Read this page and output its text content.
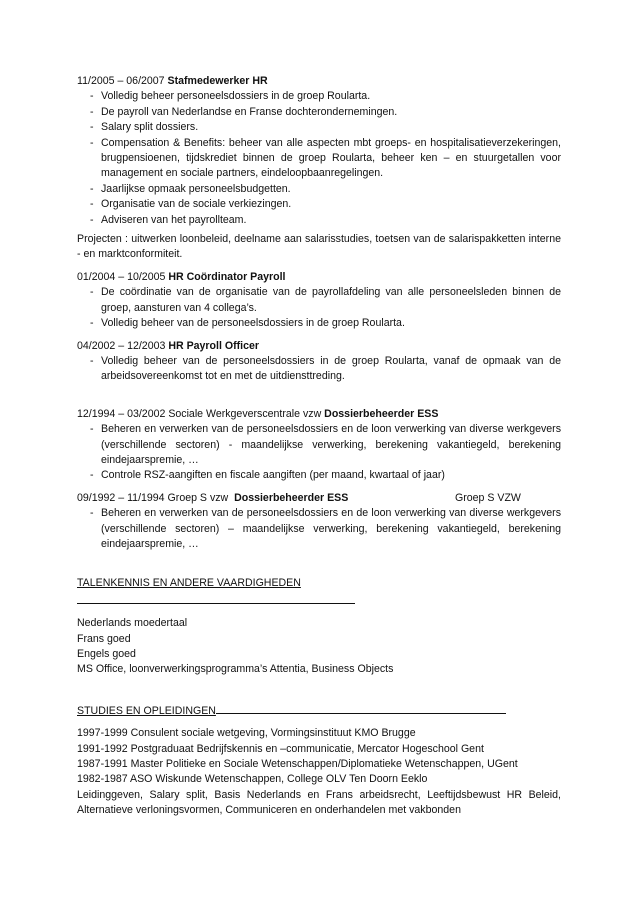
11/2005 – 06/2007 Stafmedewerker HR

- Volledig beheer personeelsdossiers in de groep Roularta.
- De payroll van Nederlandse en Franse dochterondernemingen.
- Salary split dossiers.
- Compensation & Benefits: beheer van alle aspecten mbt groeps- en hospitalisatieverzekeringen, brugpensioenen, tijdskrediet binnen de groep Roularta, beheer ken – en stuurgetallen voor management en sociale partners, eindeloopbaanregelingen.
- Jaarlijkse opmaak personeelsbudgetten.
- Organisatie van de sociale verkiezingen.
- Adviseren van het payrollteam.

Projecten : uitwerken loonbeleid, deelname aan salarisstudies, toetsen van de salarispakketten interne - en marktconformiteit.

01/2004 – 10/2005 HR Coördinator Payroll

- De coördinatie van de organisatie van de payrollafdeling van alle personeelsleden binnen de groep, aansturen van 4 collega’s.
- Volledig beheer van de personeelsdossiers in de groep Roularta.

04/2002 – 12/2003 HR Payroll Officer

- Volledig beheer van de personeelsdossiers in de groep Roularta, vanaf de opmaak van de arbeidsovereenkomst tot en met de uitdiensttreding.

12/1994 – 03/2002 Sociale Werkgeverscentrale vzw Dossierbeheerder ESS

- Beheren en verwerken van de personeelsdossiers en de loon verwerking van diverse werkgevers (verschillende sectoren) - maandelijkse verwerking, berekening vakantiegeld, berekening eindejaarspremie, …
- Controle RSZ-aangiften en fiscale aangiften (per maand, kwartaal of jaar)

09/1992 – 11/1994 Groep S vzw Dossierbeheerder ESS	Groep S VZW

- Beheren en verwerken van de personeelsdossiers en de loon verwerking van diverse werkgevers (verschillende sectoren) – maandelijkse verwerking, berekening vakantiegeld, berekening eindejaarspremie, …

TALENKENNIS EN ANDERE VAARDIGHEDEN

Nederlands moedertaal

Frans goed

Engels goed

MS Office, loonverwerkingsprogramma’s Attentia, Business Objects

STUDIES EN OPLEIDINGEN

1997-1999 Consulent sociale wetgeving, Vormingsinstituut KMO Brugge

1991-1992 Postgraduaat Bedrijfskennis en –communicatie, Mercator Hogeschool Gent

1987-1991 Master Politieke en Sociale Wetenschappen/Diplomatieke Wetenschappen, UGent

1982-1987 ASO Wiskunde Wetenschappen, College OLV Ten Doorn Eeklo

Leidinggeven, Salary split, Basis Nederlands en Frans arbeidsrecht, Leeftijdsbewust HR Beleid, Alternatieve verloningsvormen, Communiceren en onderhandelen met vakbonden
